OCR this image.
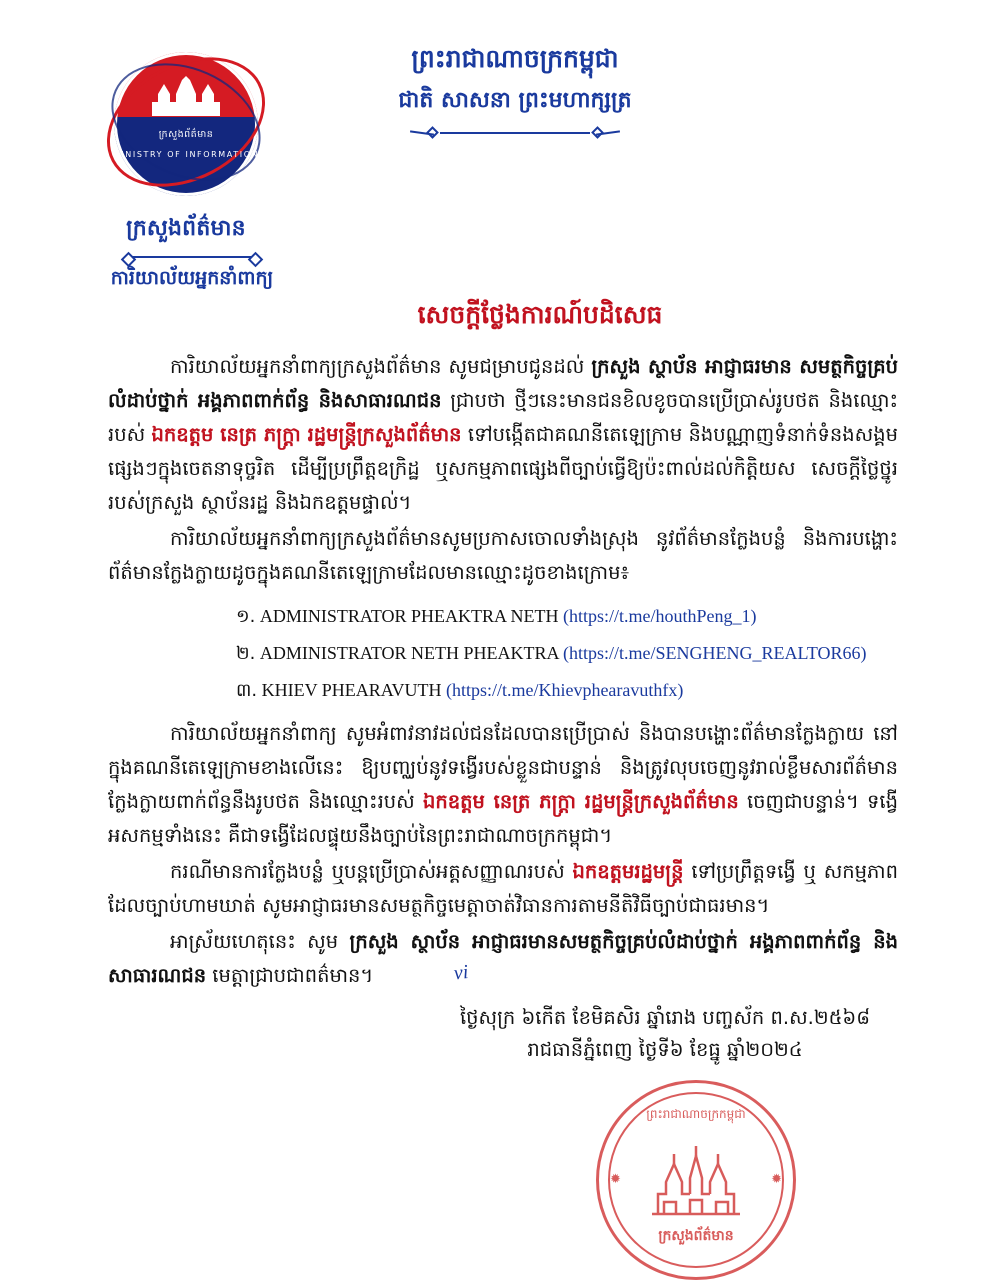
ក្រសួងព័ត៌មាន
MINISTRY OF INFORMATION
ក្រសួងព័ត៌មាន
ការិយាល័យអ្នកនាំពាក្យ
ព្រះរាជាណាចក្រកម្ពុជា
ជាតិ សាសនា ព្រះមហាក្សត្រ
សេចក្តីថ្លែងការណ៍បដិសេធ
ការិយាល័យអ្នកនាំពាក្យក្រសួងព័ត៌មាន សូមជម្រាបជូនដល់ ក្រសួង ស្ថាប័ន អាជ្ញាធរមាន សមត្ថកិច្ចគ្រប់លំដាប់ថ្នាក់ អង្គភាពពាក់ព័ន្ធ និងសាធារណជន ជ្រាបថា ថ្មីៗនេះមានជនខិលខូចបានប្រើប្រាស់រូបថត និងឈ្មោះរបស់ ឯកឧត្តម នេត្រ ភក្ត្រា រដ្ឋមន្ត្រីក្រសួងព័ត៌មាន ទៅបង្កើតជាគណនីតេឡេក្រាម និងបណ្ណាញទំនាក់ទំនងសង្គម ផ្សេងៗក្នុងចេតនាទុច្ចរិត ដើម្បីប្រព្រឹត្តឧក្រិដ្ឋ ឬសកម្មភាពផ្សេងពីច្បាប់ធ្វើឱ្យប៉ះពាល់ដល់កិត្តិយស សេចក្តីថ្លៃថ្នូររបស់ក្រសួង ស្ថាប័នរដ្ឋ និងឯកឧត្តមផ្ទាល់។
ការិយាល័យអ្នកនាំពាក្យក្រសួងព័ត៌មានសូមប្រកាសចោលទាំងស្រុង នូវព័ត៌មានក្លែងបន្លំ និងការបង្ហោះព័ត៌មានក្លែងក្លាយដូចក្នុងគណនីតេឡេក្រាមដែលមានឈ្មោះដូចខាងក្រោម៖
១. ADMINISTRATOR PHEAKTRA NETH (https://t.me/houthPeng_1)
២. ADMINISTRATOR NETH PHEAKTRA (https://t.me/SENGHENG_REALTOR66)
៣. KHIEV PHEARAVUTH (https://t.me/Khievphearavuthfx)
ការិយាល័យអ្នកនាំពាក្យ សូមអំពាវនាវដល់ជនដែលបានប្រើប្រាស់ និងបានបង្ហោះព័ត៌មានក្លែងក្លាយ នៅក្នុងគណនីតេឡេក្រាមខាងលើនេះ ឱ្យបញ្ឈប់នូវទង្វើរបស់ខ្លួនជាបន្ទាន់ និងត្រូវលុបចេញនូវរាល់ខ្លឹមសារព័ត៌មានក្លែងក្លាយពាក់ព័ន្ធនឹងរូបថត និងឈ្មោះរបស់ ឯកឧត្តម នេត្រ ភក្ត្រា រដ្ឋមន្ត្រីក្រសួងព័ត៌មាន ចេញជាបន្ទាន់។ ទង្វើអសកម្មទាំងនេះ គឺជាទង្វើដែលផ្ទុយនឹងច្បាប់នៃព្រះរាជាណាចក្រកម្ពុជា។
ករណីមានការក្លែងបន្លំ ឬបន្តប្រើប្រាស់អត្តសញ្ញាណរបស់ ឯកឧត្តមរដ្ឋមន្ត្រី ទៅប្រព្រឹត្តទង្វើ ឬ សកម្មភាពដែលច្បាប់ហាមឃាត់ សូមអាជ្ញាធរមានសមត្ថកិច្ចមេត្តាចាត់វិធានការតាមនីតិវិធីច្បាប់ជាធរមាន។
អាស្រ័យហេតុនេះ សូម ក្រសួង ស្ថាប័ន អាជ្ញាធរមានសមត្ថកិច្ចគ្រប់លំដាប់ថ្នាក់ អង្គភាពពាក់ព័ន្ធ និងសាធារណជន មេត្តាជ្រាបជាពត៌មាន។	vi
ថ្ងៃសុក្រ ៦កើត ខែមិគសិរ ឆ្នាំរោង បញ្ចស័ក ព.ស.២៥៦៨
រាជធានីភ្នំពេញ ថ្ងៃទី៦ ខែធ្នូ ឆ្នាំ២០២៤
ព្រះរាជាណាចក្រកម្ពុជា
✹	✹
ក្រសួងព័ត៌មាន
